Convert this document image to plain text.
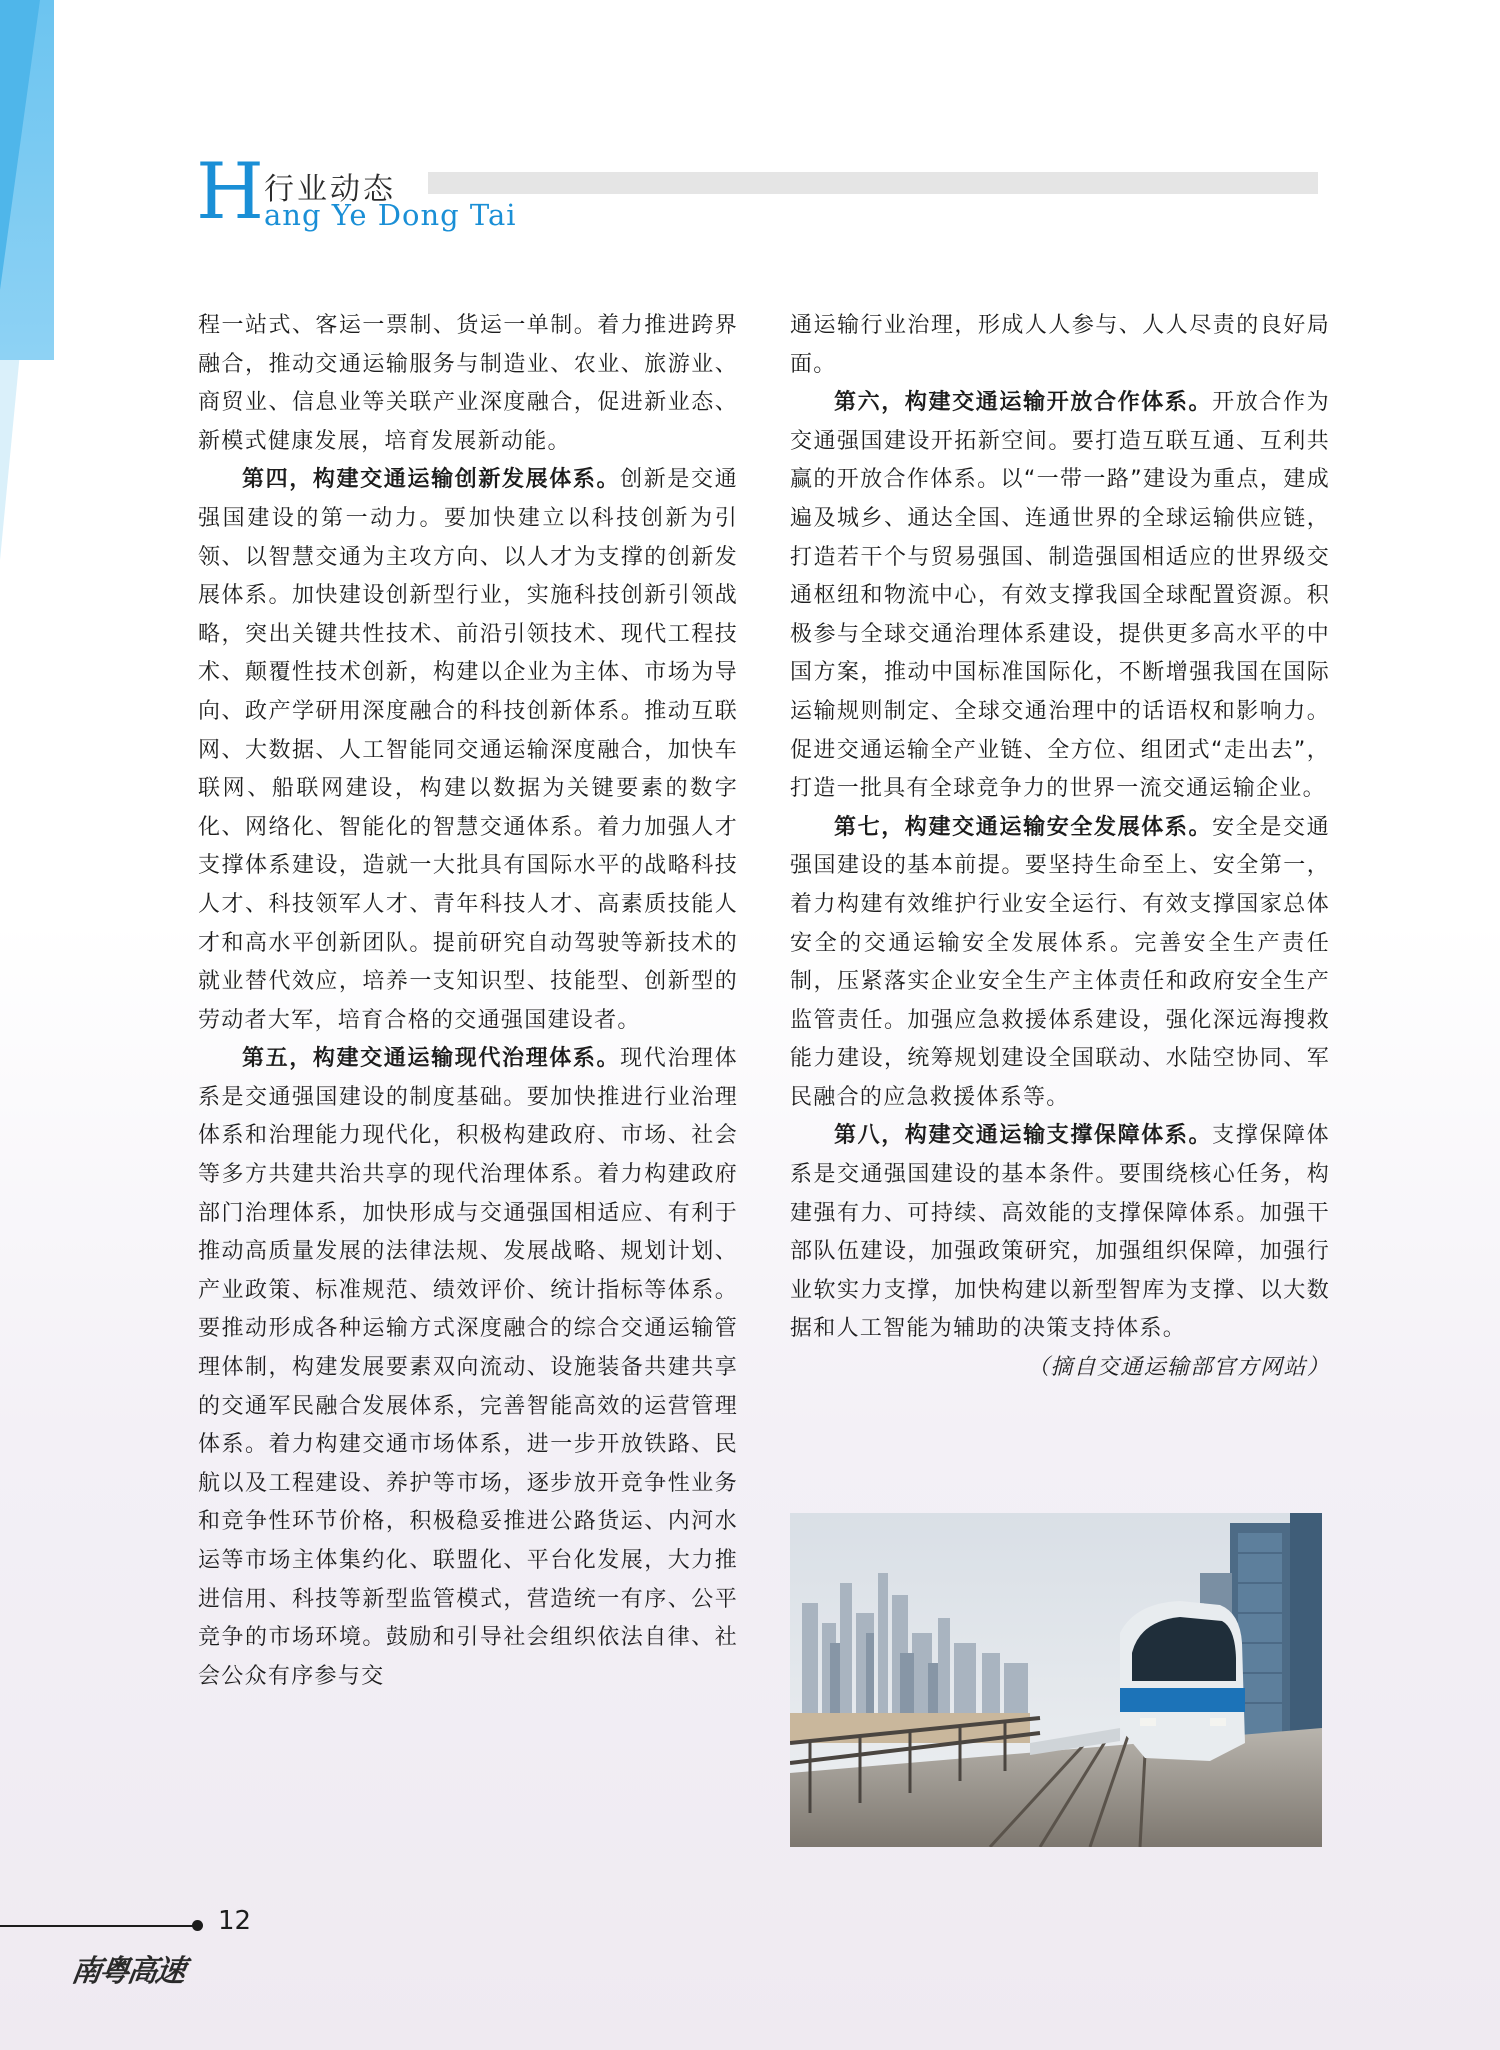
H 行业动态
ang Ye Dong Tai

程一站式、客运一票制、货运一单制。着力推进跨界融合，推动交通运输服务与制造业、农业、旅游业、商贸业、信息业等关联产业深度融合，促进新业态、新模式健康发展，培育发展新动能。

第四，构建交通运输创新发展体系。创新是交通强国建设的第一动力。要加快建立以科技创新为引领、以智慧交通为主攻方向、以人才为支撑的创新发展体系。加快建设创新型行业，实施科技创新引领战略，突出关键共性技术、前沿引领技术、现代工程技术、颠覆性技术创新，构建以企业为主体、市场为导向、政产学研用深度融合的科技创新体系。推动互联网、大数据、人工智能同交通运输深度融合，加快车联网、船联网建设，构建以数据为关键要素的数字化、网络化、智能化的智慧交通体系。着力加强人才支撑体系建设，造就一大批具有国际水平的战略科技人才、科技领军人才、青年科技人才、高素质技能人才和高水平创新团队。提前研究自动驾驶等新技术的就业替代效应，培养一支知识型、技能型、创新型的劳动者大军，培育合格的交通强国建设者。

第五，构建交通运输现代治理体系。现代治理体系是交通强国建设的制度基础。要加快推进行业治理体系和治理能力现代化，积极构建政府、市场、社会等多方共建共治共享的现代治理体系。着力构建政府部门治理体系，加快形成与交通强国相适应、有利于推动高质量发展的法律法规、发展战略、规划计划、产业政策、标准规范、绩效评价、统计指标等体系。要推动形成各种运输方式深度融合的综合交通运输管理体制，构建发展要素双向流动、设施装备共建共享的交通军民融合发展体系，完善智能高效的运营管理体系。着力构建交通市场体系，进一步开放铁路、民航以及工程建设、养护等市场，逐步放开竞争性业务和竞争性环节价格，积极稳妥推进公路货运、内河水运等市场主体集约化、联盟化、平台化发展，大力推进信用、科技等新型监管模式，营造统一有序、公平竞争的市场环境。鼓励和引导社会组织依法自律、社会公众有序参与交

通运输行业治理，形成人人参与、人人尽责的良好局面。

第六，构建交通运输开放合作体系。开放合作为交通强国建设开拓新空间。要打造互联互通、互利共赢的开放合作体系。以“一带一路”建设为重点，建成遍及城乡、通达全国、连通世界的全球运输供应链，打造若干个与贸易强国、制造强国相适应的世界级交通枢纽和物流中心，有效支撑我国全球配置资源。积极参与全球交通治理体系建设，提供更多高水平的中国方案，推动中国标准国际化，不断增强我国在国际运输规则制定、全球交通治理中的话语权和影响力。促进交通运输全产业链、全方位、组团式“走出去”，打造一批具有全球竞争力的世界一流交通运输企业。

第七，构建交通运输安全发展体系。安全是交通强国建设的基本前提。要坚持生命至上、安全第一，着力构建有效维护行业安全运行、有效支撑国家总体安全的交通运输安全发展体系。完善安全生产责任制，压紧落实企业安全生产主体责任和政府安全生产监管责任。加强应急救援体系建设，强化深远海搜救能力建设，统筹规划建设全国联动、水陆空协同、军民融合的应急救援体系等。

第八，构建交通运输支撑保障体系。支撑保障体系是交通强国建设的基本条件。要围绕核心任务，构建强有力、可持续、高效能的支撑保障体系。加强干部队伍建设，加强政策研究，加强组织保障，加强行业软实力支撑，加快构建以新型智库为支撑、以大数据和人工智能为辅助的决策支持体系。
（摘自交通运输部官方网站）

12
南粤高速
